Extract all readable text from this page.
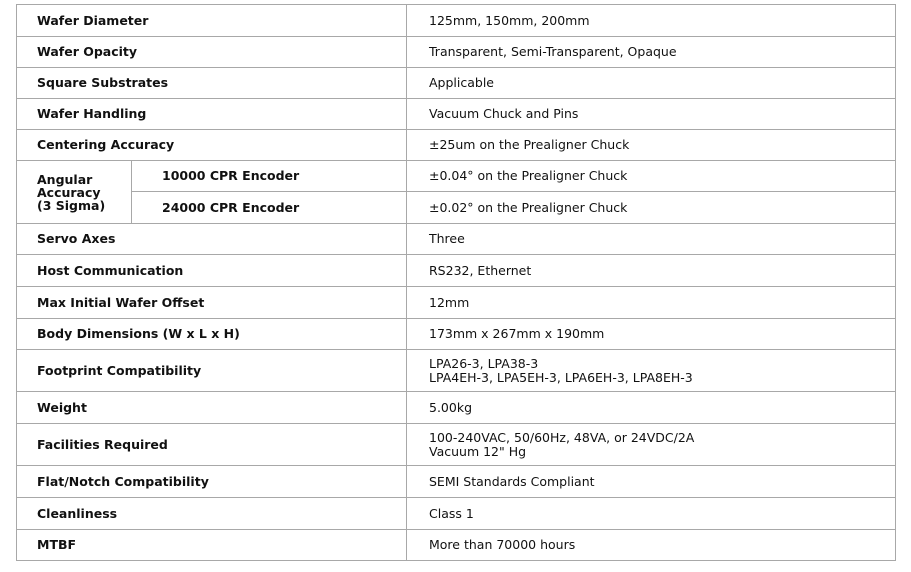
Wafer Diameter		125mm, 150mm, 200mm
Wafer Opacity		Transparent, Semi-Transparent, Opaque
Square Substrates		Applicable
Wafer Handling		Vacuum Chuck and Pins
Centering Accuracy		±25um on the Prealigner Chuck

Angular
Accuracy
(3 Sigma)	10000 CPR Encoder	±0.04° on the Prealigner Chuck
	24000 CPR Encoder	±0.02° on the Prealigner Chuck
Servo Axes		Three
Host Communication		RS232, Ethernet
Max Initial Wafer Offset		12mm
Body Dimensions (W x L x H)		173mm x 267mm x 190mm
Footprint Compatibility		LPA26-3, LPA38-3
LPA4EH-3, LPA5EH-3, LPA6EH-3, LPA8EH-3

Weight		5.00kg
Facilities Required		100-240VAC, 50/60Hz, 48VA, or 24VDC/2A
Vacuum 12" Hg

Flat/Notch Compatibility		SEMI Standards Compliant
Cleanliness		Class 1
MTBF		More than 70000 hours
